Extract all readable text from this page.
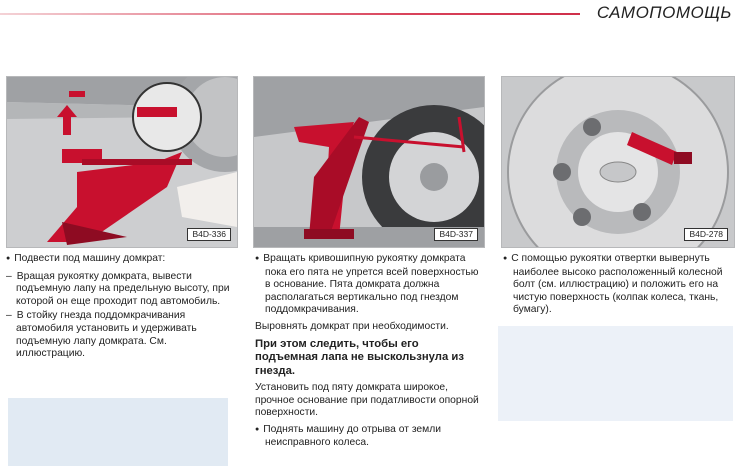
САМОПОМОЩЬ
B4D-336	B4D-337	B4D-278

● Подвести под машину домкрат:

– Вращая рукоятку домкрата, вывести подъемную лапу на предельную высоту, при которой он еще проходит под автомобиль.

– В стойку гнезда поддомкрачивания автомобиля установить и удерживать подъемную лапу домкрата. См. иллюстрацию.

● Вращать кривошипную рукоятку домкрата пока его пята не упрется всей поверхностью в основание. Пята домкрата должна располагаться вертикально под гнездом поддомкрачивания.

Выровнять домкрат при необходимости.

При этом следить, чтобы его подъемная лапа не выскользнула из гнезда.

Установить под пяту домкрата широкое, прочное основание при податливости опорной поверхности.

● Поднять машину до отрыва от земли неисправного колеса.

● С помощью рукоятки отвертки вывернуть наиболее высоко расположенный колесной болт (см. иллюстрацию) и положить его на чистую поверхность (колпак колеса, ткань, бумагу).
